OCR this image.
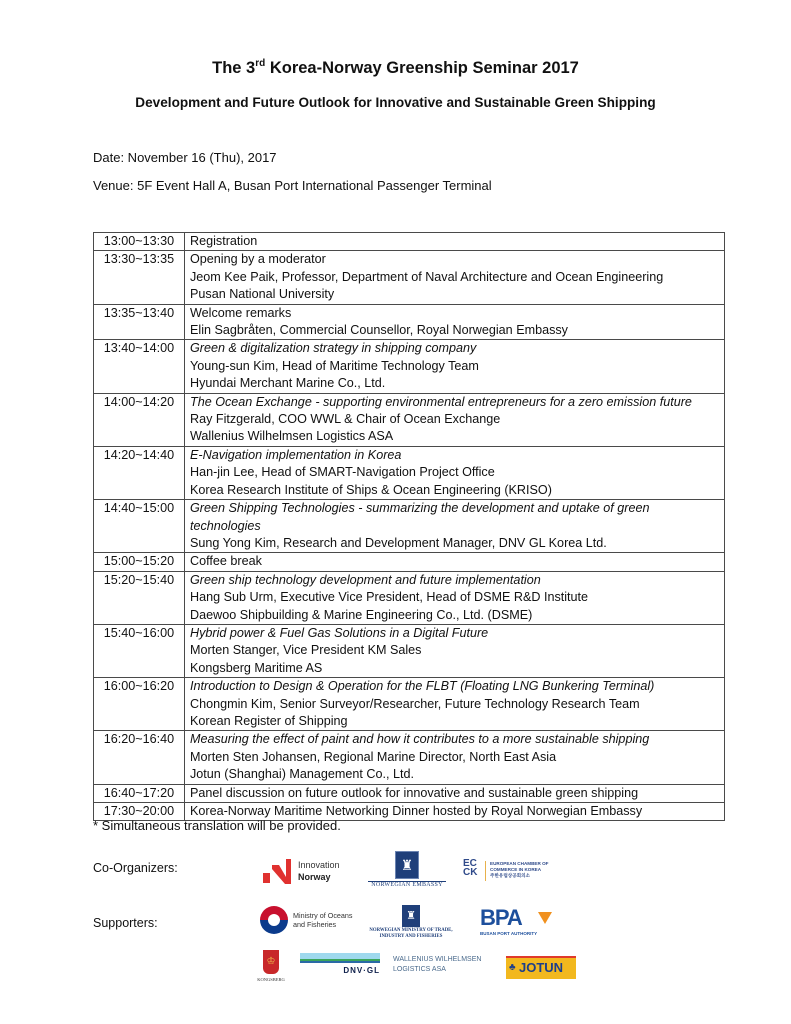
The 3rd Korea-Norway Greenship Seminar 2017
Development and Future Outlook for Innovative and Sustainable Green Shipping
Date: November 16 (Thu), 2017
Venue: 5F Event Hall A, Busan Port International Passenger Terminal
13:00~13:30	Registration

13:30~13:35	Opening by a moderator
Jeom Kee Paik, Professor, Department of Naval Architecture and Ocean Engineering
Pusan National University

13:35~13:40	Welcome remarks
Elin Sagbråten, Commercial Counsellor, Royal Norwegian Embassy

13:40~14:00	Green & digitalization strategy in shipping company
Young-sun Kim, Head of Maritime Technology Team
Hyundai Merchant Marine Co., Ltd.

14:00~14:20	The Ocean Exchange - supporting environmental entrepreneurs for a zero emission future
Ray Fitzgerald, COO WWL & Chair of Ocean Exchange
Wallenius Wilhelmsen Logistics ASA

14:20~14:40	E-Navigation implementation in Korea
Han-jin Lee, Head of SMART-Navigation Project Office
Korea Research Institute of Ships & Ocean Engineering (KRISO)

14:40~15:00	Green Shipping Technologies - summarizing the development and uptake of green
technologies
Sung Yong Kim, Research and Development Manager, DNV GL Korea Ltd.

15:00~15:20	Coffee break

15:20~15:40	Green ship technology development and future implementation
Hang Sub Urm, Executive Vice President, Head of DSME R&D Institute
Daewoo Shipbuilding & Marine Engineering Co., Ltd. (DSME)

15:40~16:00	Hybrid power & Fuel Gas Solutions in a Digital Future
Morten Stanger, Vice President KM Sales
Kongsberg Maritime AS

16:00~16:20	Introduction to Design & Operation for the FLBT (Floating LNG Bunkering Terminal)
Chongmin Kim, Senior Surveyor/Researcher, Future Technology Research Team
Korean Register of Shipping

16:20~16:40	Measuring the effect of paint and how it contributes to a more sustainable shipping
Morten Sten Johansen, Regional Marine Director, North East Asia
Jotun (Shanghai) Management Co., Ltd.

16:40~17:20	Panel discussion on future outlook for innovative and sustainable green shipping

17:30~20:00	Korea-Norway Maritime Networking Dinner hosted by Royal Norwegian Embassy
* Simultaneous translation will be provided.
Co-Organizers:	Innovation
Norway
♜
NORWEGIAN EMBASSY
EC
CK
EUROPEAN CHAMBER OF
COMMERCE IN KOREA
주한유럽상공회의소
Supporters:
Ministry of Oceans
and Fisheries
♜
NORWEGIAN MINISTRY OF TRADE,
INDUSTRY AND FISHERIES
BPA
BUSAN PORT AUTHORITY
♔
KONGSBERG
DNV·GL
WALLENIUS WILHELMSEN
LOGISTICS ASA	♣ JOTUN
